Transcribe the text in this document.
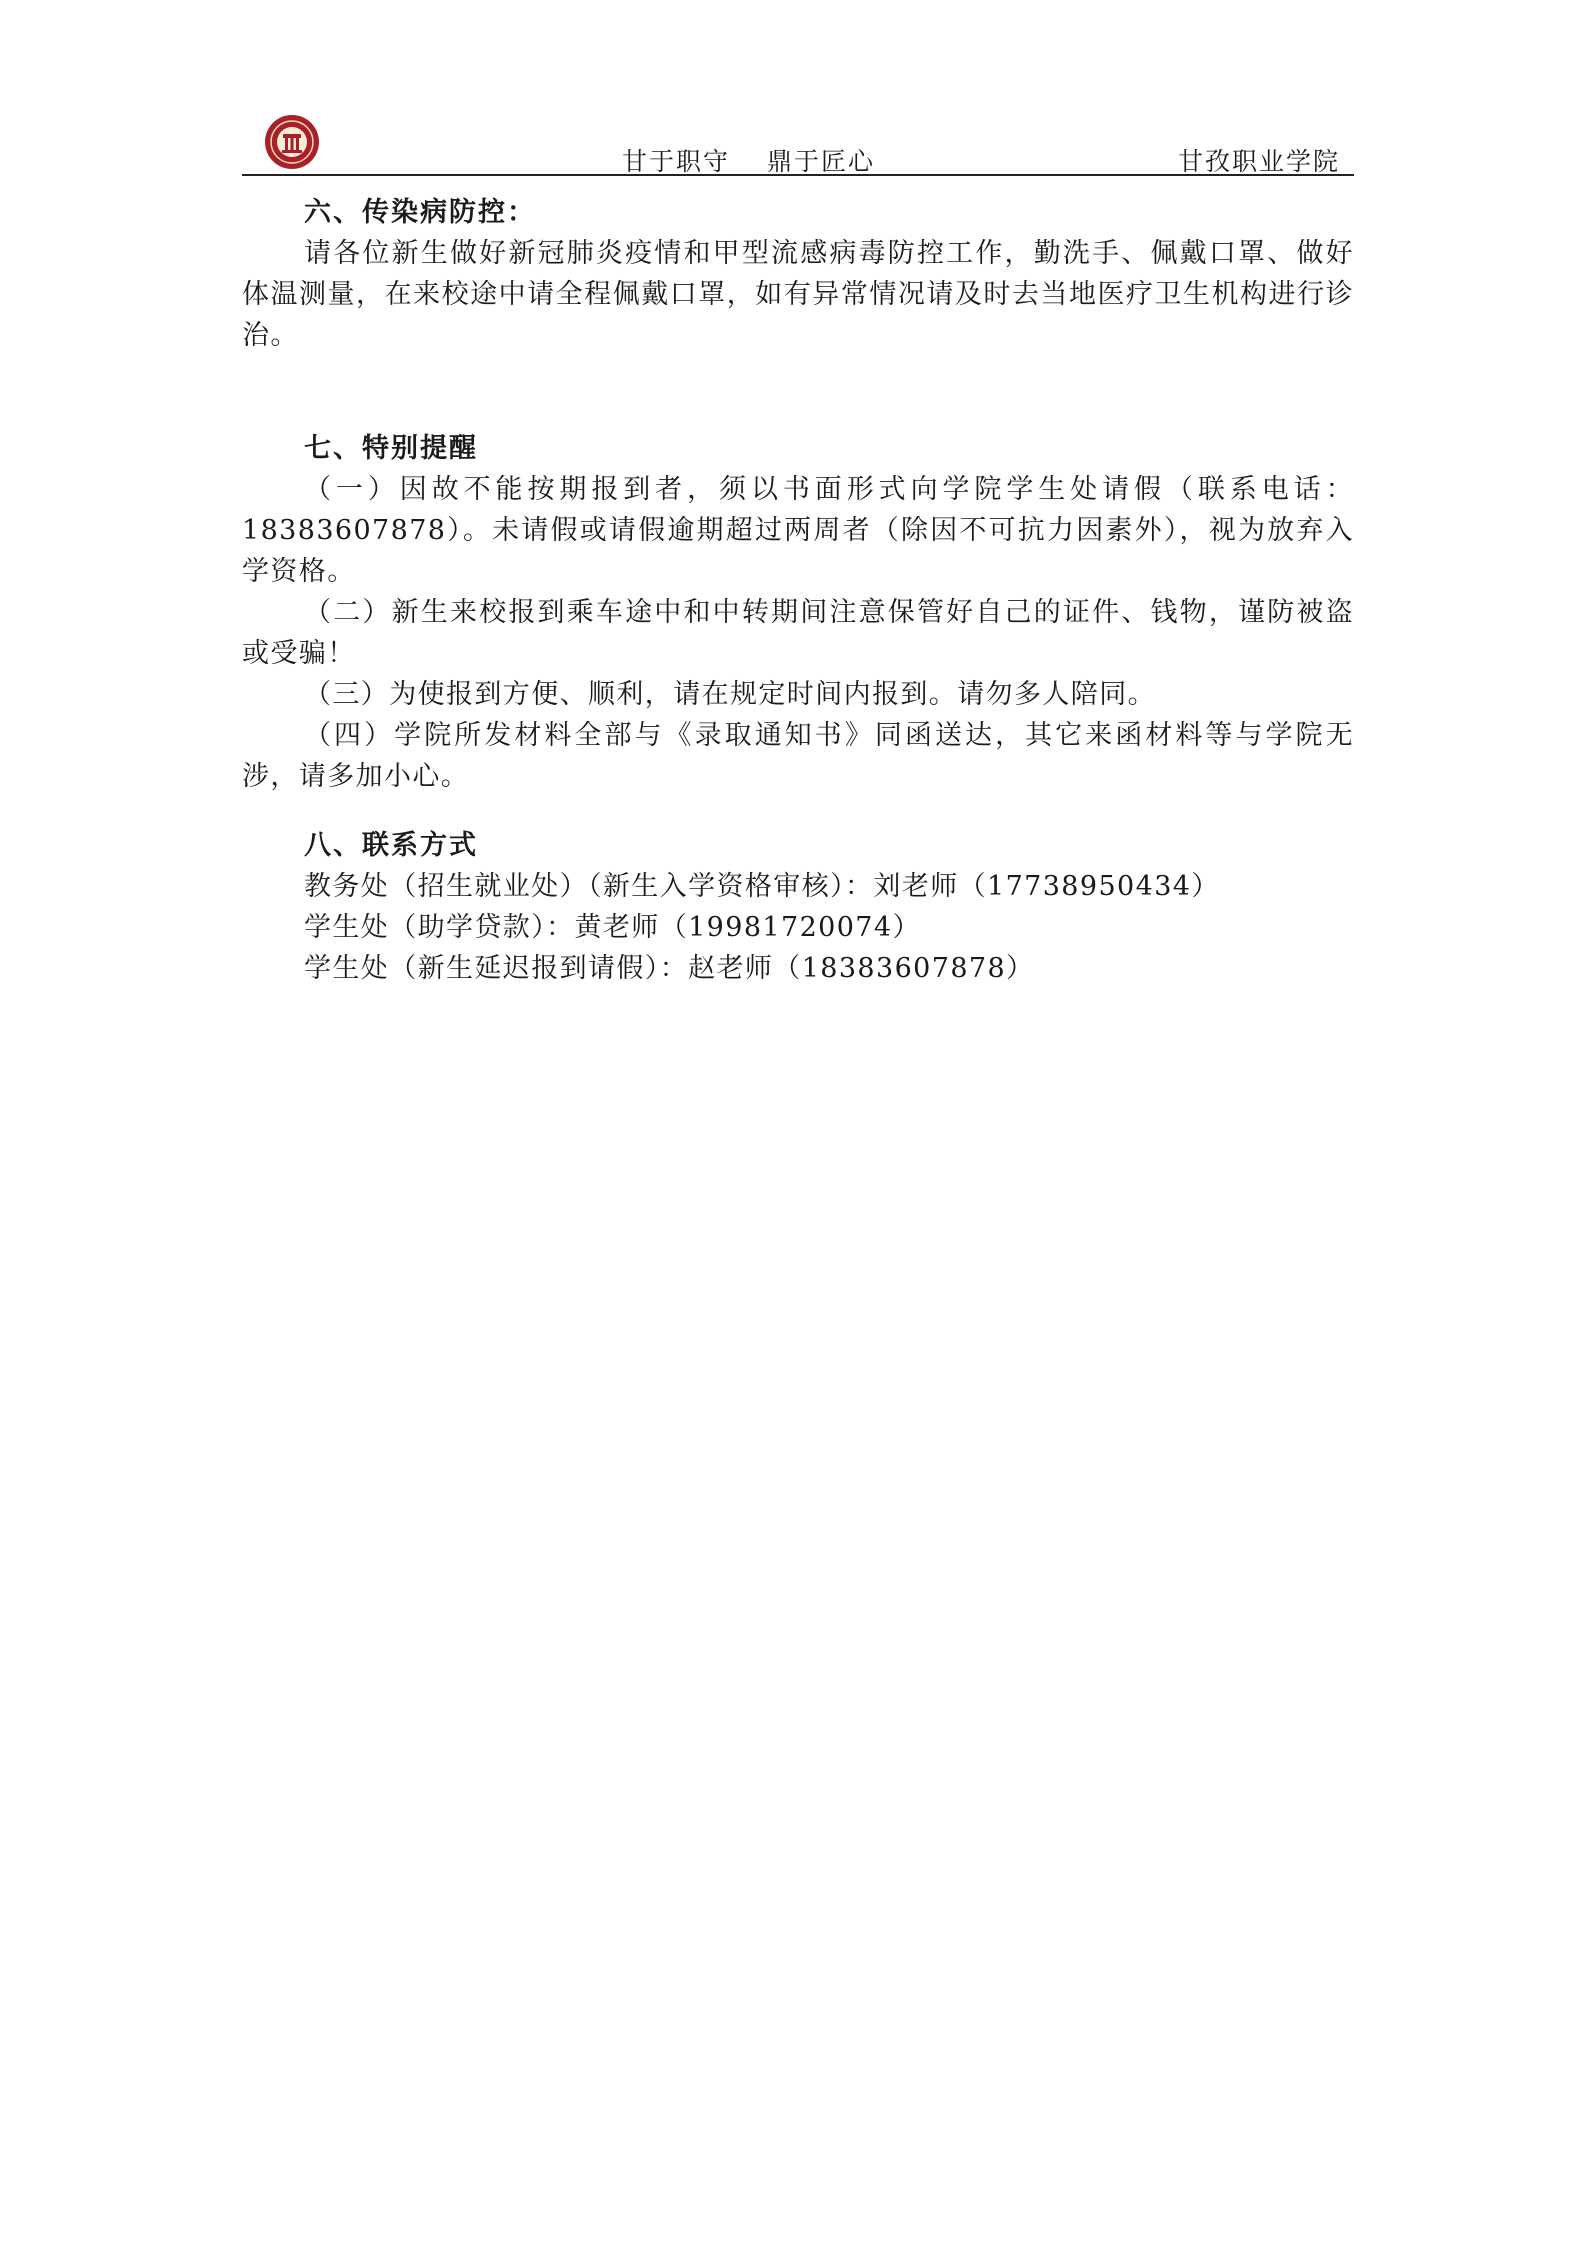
甘于职守　 鼎于匠心	甘孜职业学院
六、传染病防控：
请各位新生做好新冠肺炎疫情和甲型流感病毒防控工作，勤洗手、佩戴口罩、做好体温测量，在来校途中请全程佩戴口罩，如有异常情况请及时去当地医疗卫生机构进行诊治。
七、特别提醒
（一）因故不能按期报到者，须以书面形式向学院学生处请假（联系电话：18383607878）。未请假或请假逾期超过两周者（除因不可抗力因素外），视为放弃入学资格。
（二）新生来校报到乘车途中和中转期间注意保管好自己的证件、钱物，谨防被盗或受骗！
（三）为使报到方便、顺利，请在规定时间内报到。请勿多人陪同。
（四）学院所发材料全部与《录取通知书》同函送达，其它来函材料等与学院无涉，请多加小心。
八、联系方式
教务处（招生就业处）（新生入学资格审核）：刘老师（17738950434）
学生处（助学贷款）：黄老师（19981720074）
学生处（新生延迟报到请假）：赵老师（18383607878）
